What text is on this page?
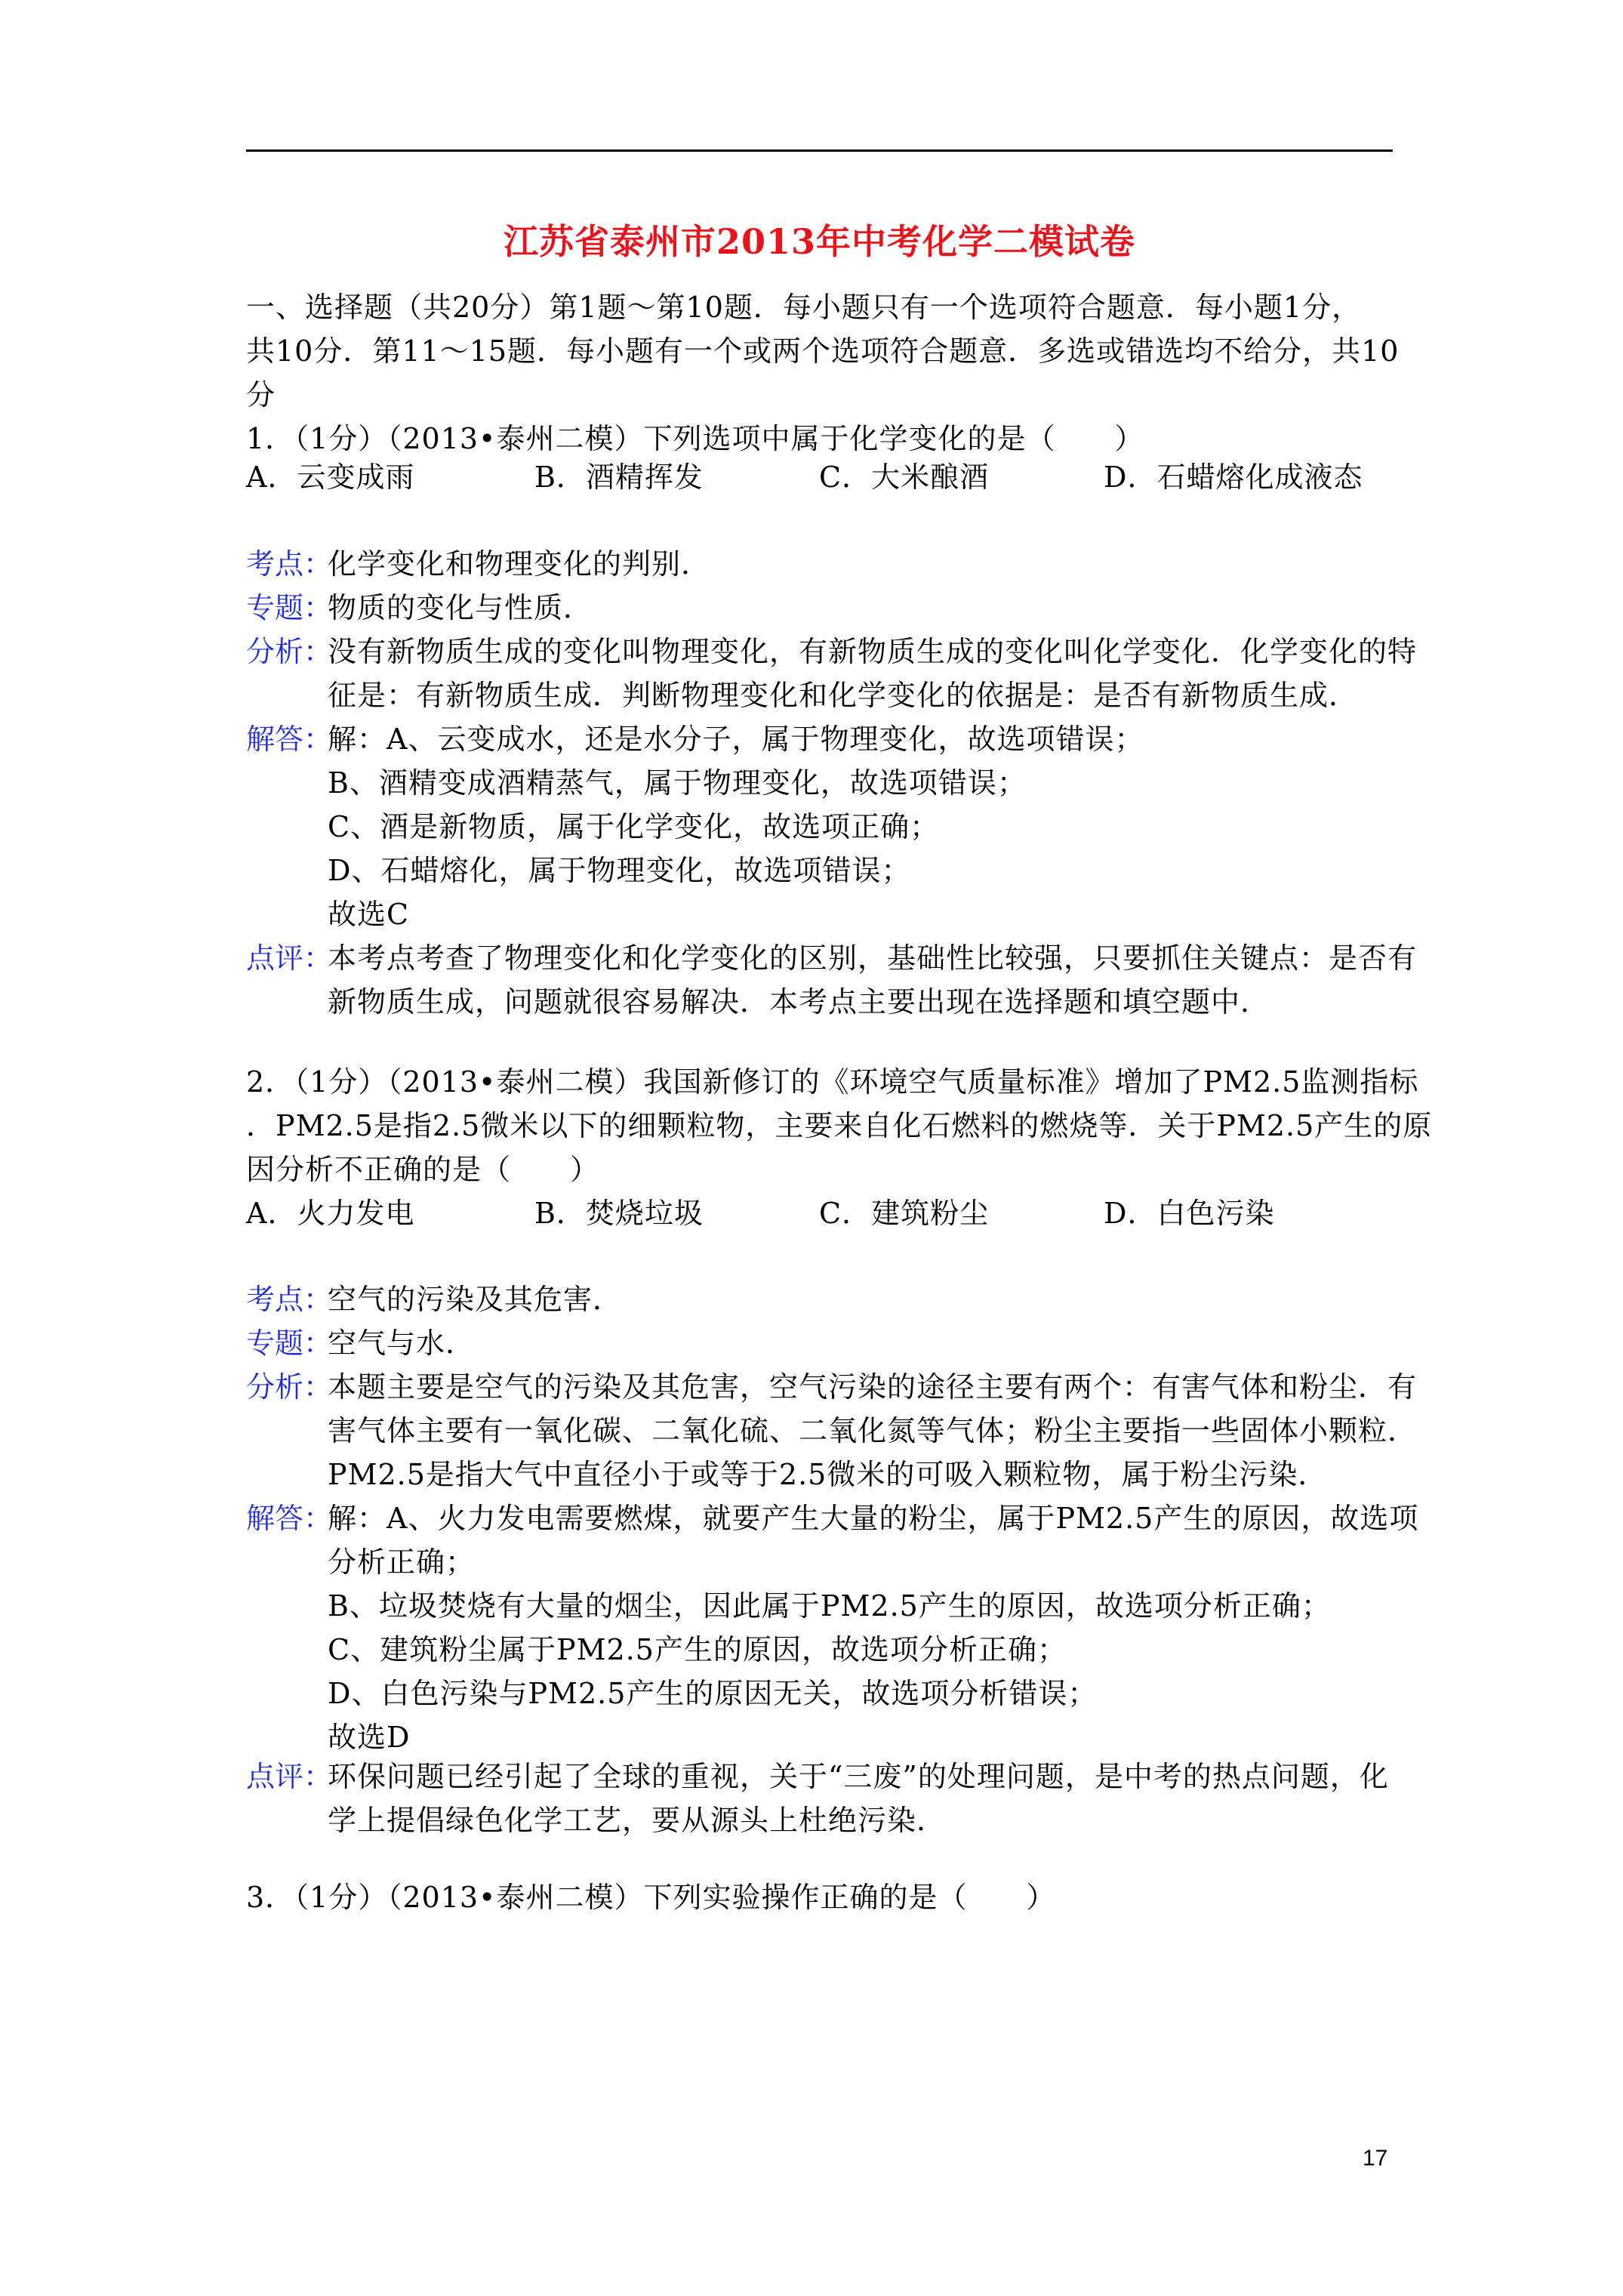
江苏省泰州市2013年中考化学二模试卷
一、选择题（共20分）第1题～第10题．每小题只有一个选项符合题意．每小题1分，
共10分．第11～15题．每小题有一个或两个选项符合题意．多选或错选均不给分，共10
分
1．（1分）（2013•泰州二模）下列选项中属于化学变化的是（　　）
A．云变成雨	B．酒精挥发	C．大米酿酒	D．石蜡熔化成液态
考点：
化学变化和物理变化的判别．
专题：
物质的变化与性质．
分析：
没有新物质生成的变化叫物理变化，有新物质生成的变化叫化学变化．化学变化的特
征是：有新物质生成．判断物理变化和化学变化的依据是：是否有新物质生成．
解答：
解：A、云变成水，还是水分子，属于物理变化，故选项错误；
B、酒精变成酒精蒸气，属于物理变化，故选项错误；
C、酒是新物质，属于化学变化，故选项正确；
D、石蜡熔化，属于物理变化，故选项错误；
故选C
点评：
本考点考查了物理变化和化学变化的区别，基础性比较强，只要抓住关键点：是否有
新物质生成，问题就很容易解决．本考点主要出现在选择题和填空题中．
2．（1分）（2013•泰州二模）我国新修订的《环境空气质量标准》增加了PM2.5监测指标
．PM2.5是指2.5微米以下的细颗粒物，主要来自化石燃料的燃烧等．关于PM2.5产生的原
因分析不正确的是（　　）
A．火力发电	B．焚烧垃圾	C．建筑粉尘	D．白色污染
考点：
空气的污染及其危害．
专题：
空气与水．
分析：
本题主要是空气的污染及其危害，空气污染的途径主要有两个：有害气体和粉尘．有
害气体主要有一氧化碳、二氧化硫、二氧化氮等气体；粉尘主要指一些固体小颗粒．
PM2.5是指大气中直径小于或等于2.5微米的可吸入颗粒物，属于粉尘污染．
解答：
解：A、火力发电需要燃煤，就要产生大量的粉尘，属于PM2.5产生的原因，故选项
分析正确；
B、垃圾焚烧有大量的烟尘，因此属于PM2.5产生的原因，故选项分析正确；
C、建筑粉尘属于PM2.5产生的原因，故选项分析正确；
D、白色污染与PM2.5产生的原因无关，故选项分析错误；
故选D
点评：
环保问题已经引起了全球的重视，关于“三废”的处理问题，是中考的热点问题，化
学上提倡绿色化学工艺，要从源头上杜绝污染．
3．（1分）（2013•泰州二模）下列实验操作正确的是（　　）
17
